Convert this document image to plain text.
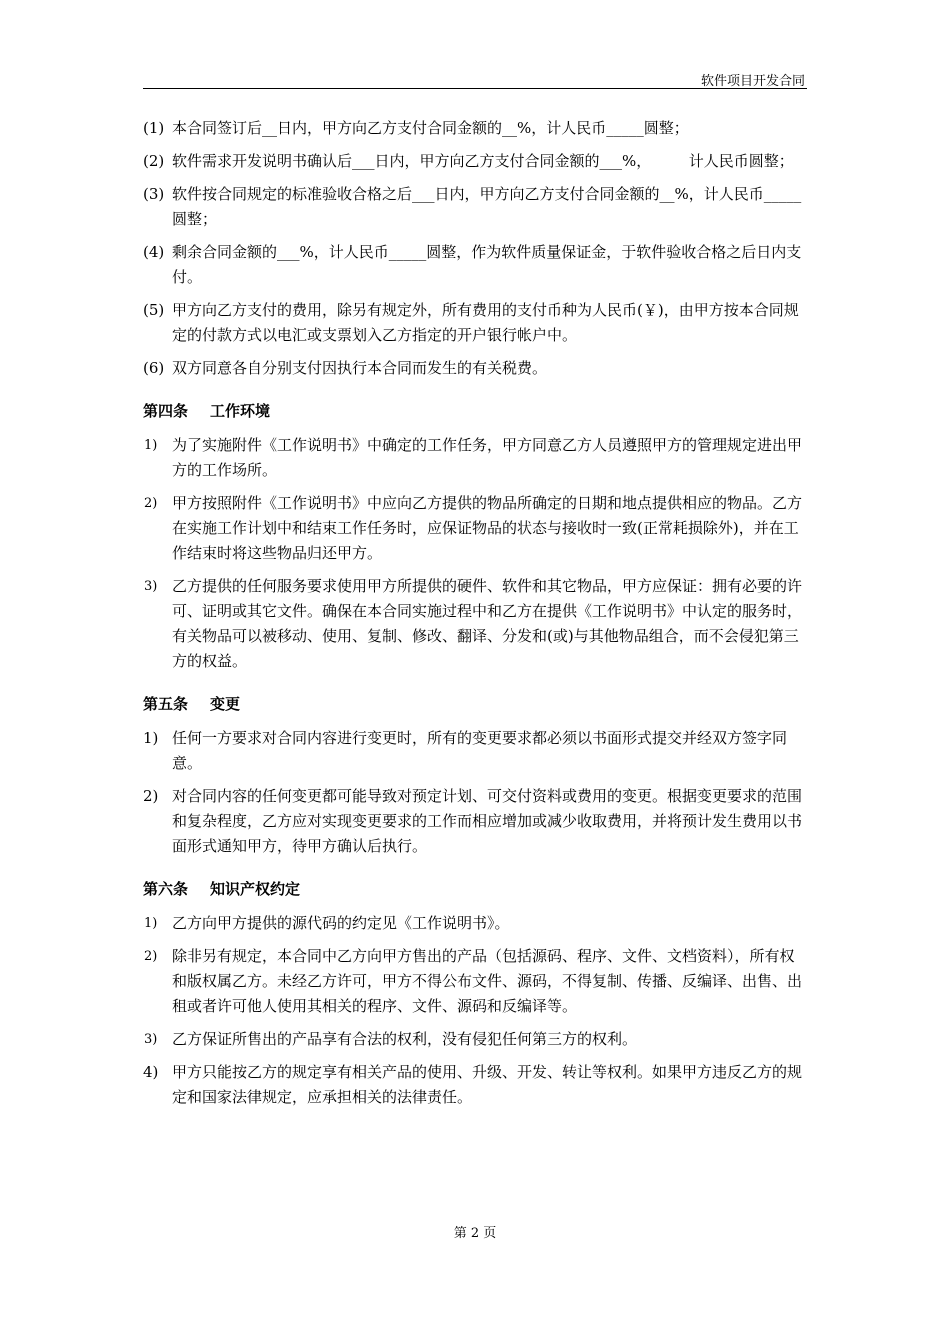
软件项目开发合同
(1) 本合同签订后__日内，甲方向乙方支付合同金额的__%，计人民币_____圆整；
(2) 软件需求开发说明书确认后___日内，甲方向乙方支付合同金额的___%，　　　计人民币圆整；
(3) 软件按合同规定的标准验收合格之后___日内，甲方向乙方支付合同金额的__%，计人民币_____圆整；
(4) 剩余合同金额的___%，计人民币_____圆整，作为软件质量保证金，于软件验收合格之后日内支付。
(5) 甲方向乙方支付的费用，除另有规定外，所有费用的支付币种为人民币(￥)，由甲方按本合同规定的付款方式以电汇或支票划入乙方指定的开户银行帐户中。
(6) 双方同意各自分别支付因执行本合同而发生的有关税费。
第四条 工作环境
1) 为了实施附件《工作说明书》中确定的工作任务，甲方同意乙方人员遵照甲方的管理规定进出甲方的工作场所。
2) 甲方按照附件《工作说明书》中应向乙方提供的物品所确定的日期和地点提供相应的物品。乙方在实施工作计划中和结束工作任务时，应保证物品的状态与接收时一致(正常耗损除外)，并在工作结束时将这些物品归还甲方。
3) 乙方提供的任何服务要求使用甲方所提供的硬件、软件和其它物品，甲方应保证：拥有必要的许可、证明或其它文件。确保在本合同实施过程中和乙方在提供《工作说明书》中认定的服务时，有关物品可以被移动、使用、复制、修改、翻译、分发和(或)与其他物品组合，而不会侵犯第三方的权益。
第五条 变更
1) 任何一方要求对合同内容进行变更时，所有的变更要求都必须以书面形式提交并经双方签字同意。
2) 对合同内容的任何变更都可能导致对预定计划、可交付资料或费用的变更。根据变更要求的范围和复杂程度，乙方应对实现变更要求的工作而相应增加或减少收取费用，并将预计发生费用以书面形式通知甲方，待甲方确认后执行。
第六条 知识产权约定
1) 乙方向甲方提供的源代码的约定见《工作说明书》。
2) 除非另有规定，本合同中乙方向甲方售出的产品（包括源码、程序、文件、文档资料），所有权和版权属乙方。未经乙方许可，甲方不得公布文件、源码，不得复制、传播、反编译、出售、出租或者许可他人使用其相关的程序、文件、源码和反编译等。
3) 乙方保证所售出的产品享有合法的权利，没有侵犯任何第三方的权利。
4) 甲方只能按乙方的规定享有相关产品的使用、升级、开发、转让等权利。如果甲方违反乙方的规定和国家法律规定，应承担相关的法律责任。
第 2 页
